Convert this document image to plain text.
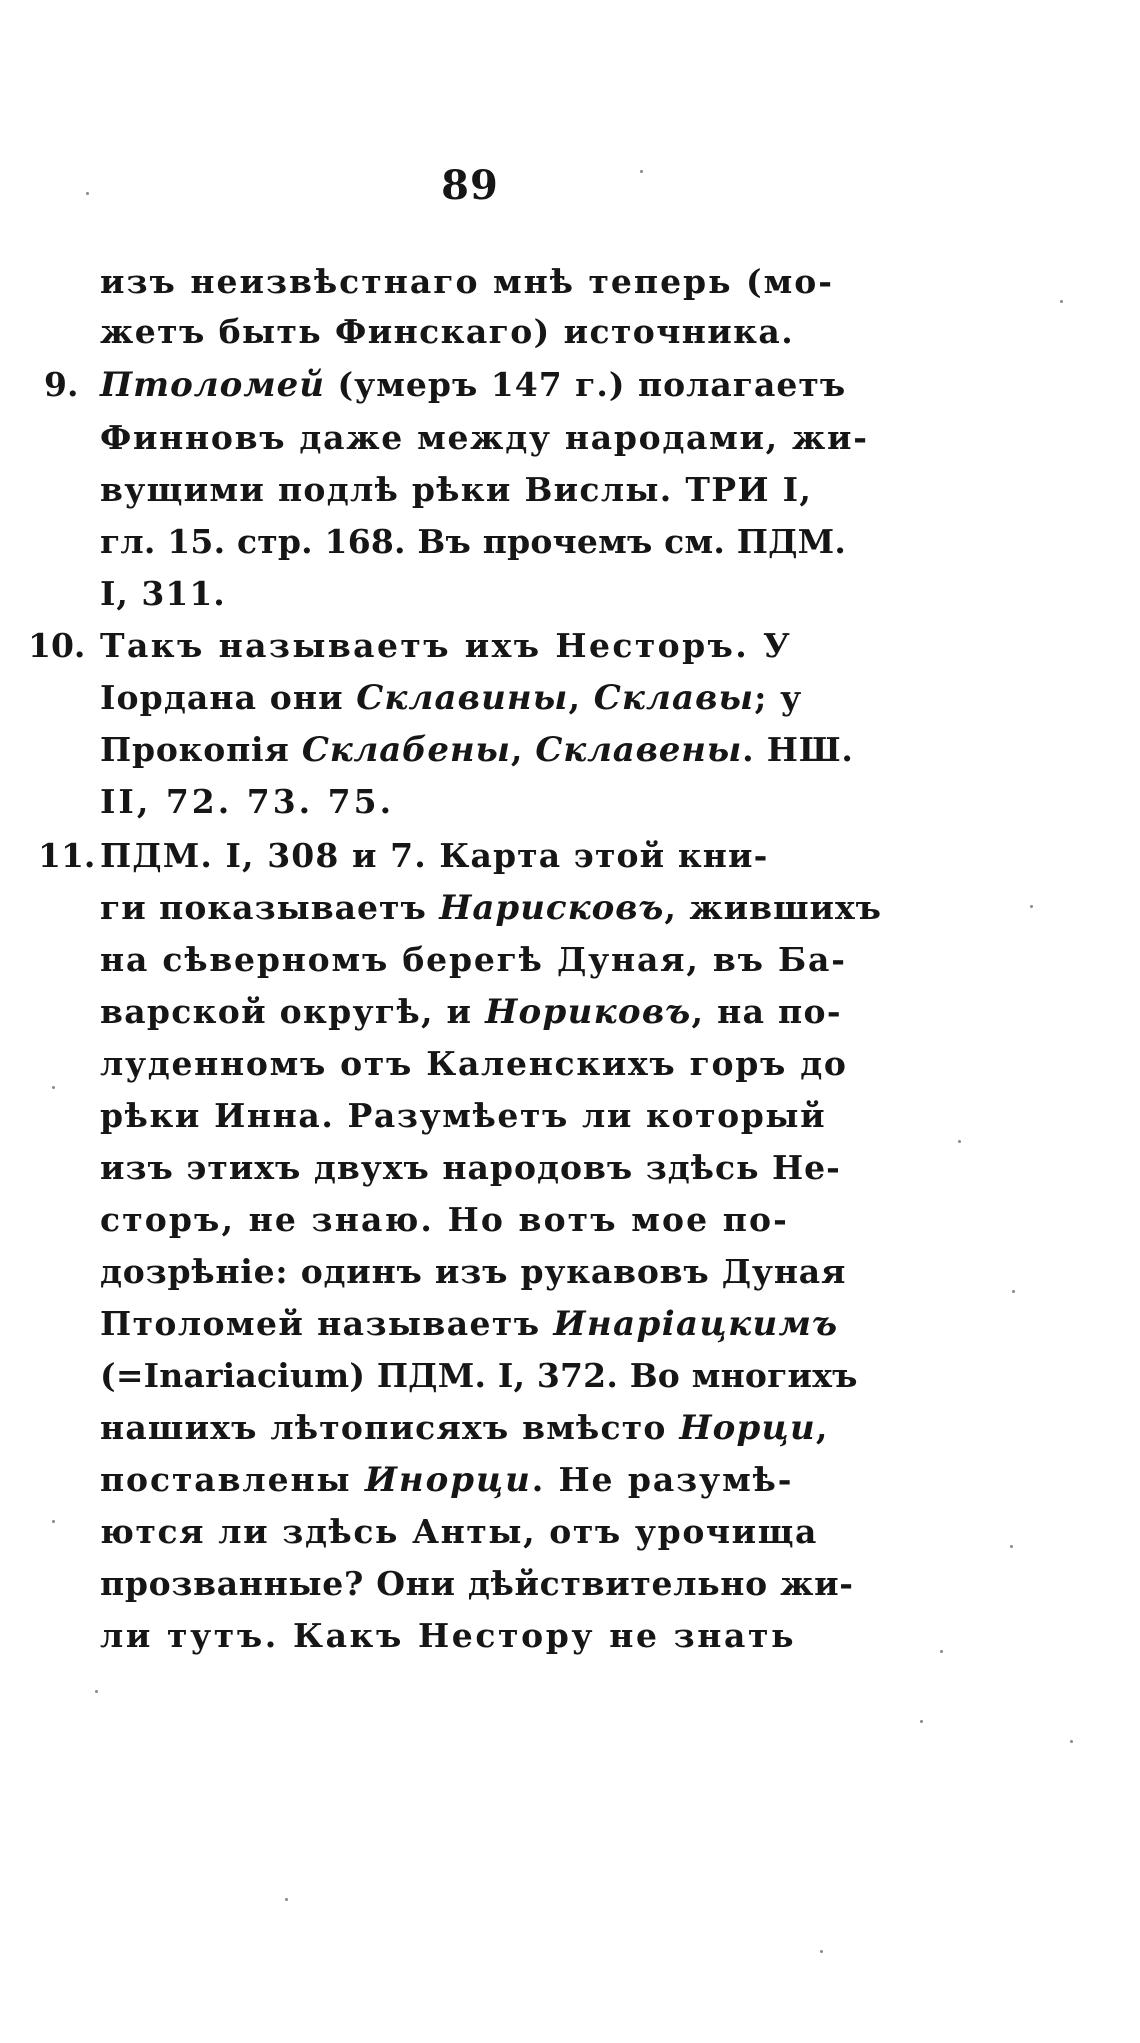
89
изъ неизвѣстнаго мнѣ теперь (мо-
жетъ быть Финскаго) источника.
9. Птоломей (умеръ 147 г.) полагаетъ
Финновъ даже между народами, жи-
вущими подлѣ рѣки Вислы. ТРИ I,
гл. 15. стр. 168. Въ прочемъ см. ПДМ.
I, 311.
10. Такъ называетъ ихъ Несторъ. У
Іордана они Склавины, Склавы; у
Прокопія Склабены, Склавены. НШ.
II, 72. 73. 75.
11. ПДМ. I, 308 и 7. Карта этой кни-
ги показываетъ Нарисковъ, жившихъ
на сѣверномъ берегѣ Дуная, въ Ба-
варской округѣ, и Нориковъ, на по-
луденномъ отъ Каленскихъ горъ до
рѣки Инна. Разумѣетъ ли который
изъ этихъ двухъ народовъ здѣсь Не-
сторъ, не знаю. Но вотъ мое по-
дозрѣніе: одинъ изъ рукавовъ Дуная
Птоломей называетъ Инаріацкимъ
(=Inariacium) ПДМ. I, 372. Во многихъ
нашихъ лѣтописяхъ вмѣсто Норци,
поставлены Инорци. Не разумѣ-
ются ли здѣсь Анты, отъ урочища
прозванные? Они дѣйствительно жи-
ли тутъ. Какъ Нестору не знать
